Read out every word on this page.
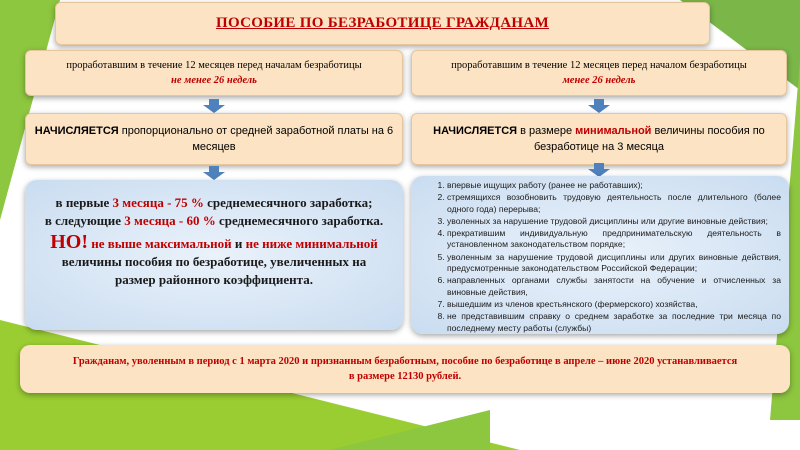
ПОСОБИЕ ПО БЕЗРАБОТИЦЕ ГРАЖДАНАМ
проработавшим в течение 12 месяцев перед началам безработицы
не менее 26 недель
проработавшим в течение 12 месяцев перед началом безработицы
менее 26 недель
НАЧИСЛЯЕТСЯ пропорционально от средней заработной платы на 6 месяцев
НАЧИСЛЯЕТСЯ в размере минимальной величины пособия по безработице на 3 месяца
в первые 3 месяца - 75 % среднемесячного заработка;
в следующие 3 месяца - 60 % среднемесячного заработка.
НО! не выше максимальной и не ниже минимальной
величины пособия по безработице, увеличенных на размер районного коэффициента.
1. впервые ищущих работу (ранее не работавших);
2. стремящихся возобновить трудовую деятельность после длительного (более одного года) перерыва;
3. уволенных за нарушение трудовой дисциплины или другие виновные действия;
4. прекратившим индивидуальную предпринимательскую деятельность в установленном законодательством порядке;
5. уволенным за нарушение трудовой дисциплины или других виновные действия, предусмотренные законодательством Российской Федерации;
6. направленных органами службы занятости на обучение и отчисленных за виновные действия,
7. вышедшим из членов крестьянского (фермерского) хозяйства,
8. не представившим справку о среднем заработке за последние три месяца по последнему месту работы (службы)
Гражданам, уволенным в период с 1 марта 2020 и признанным безработным, пособие по безработице в апреле – июне 2020 устанавливается
в размере 12130 рублей.
